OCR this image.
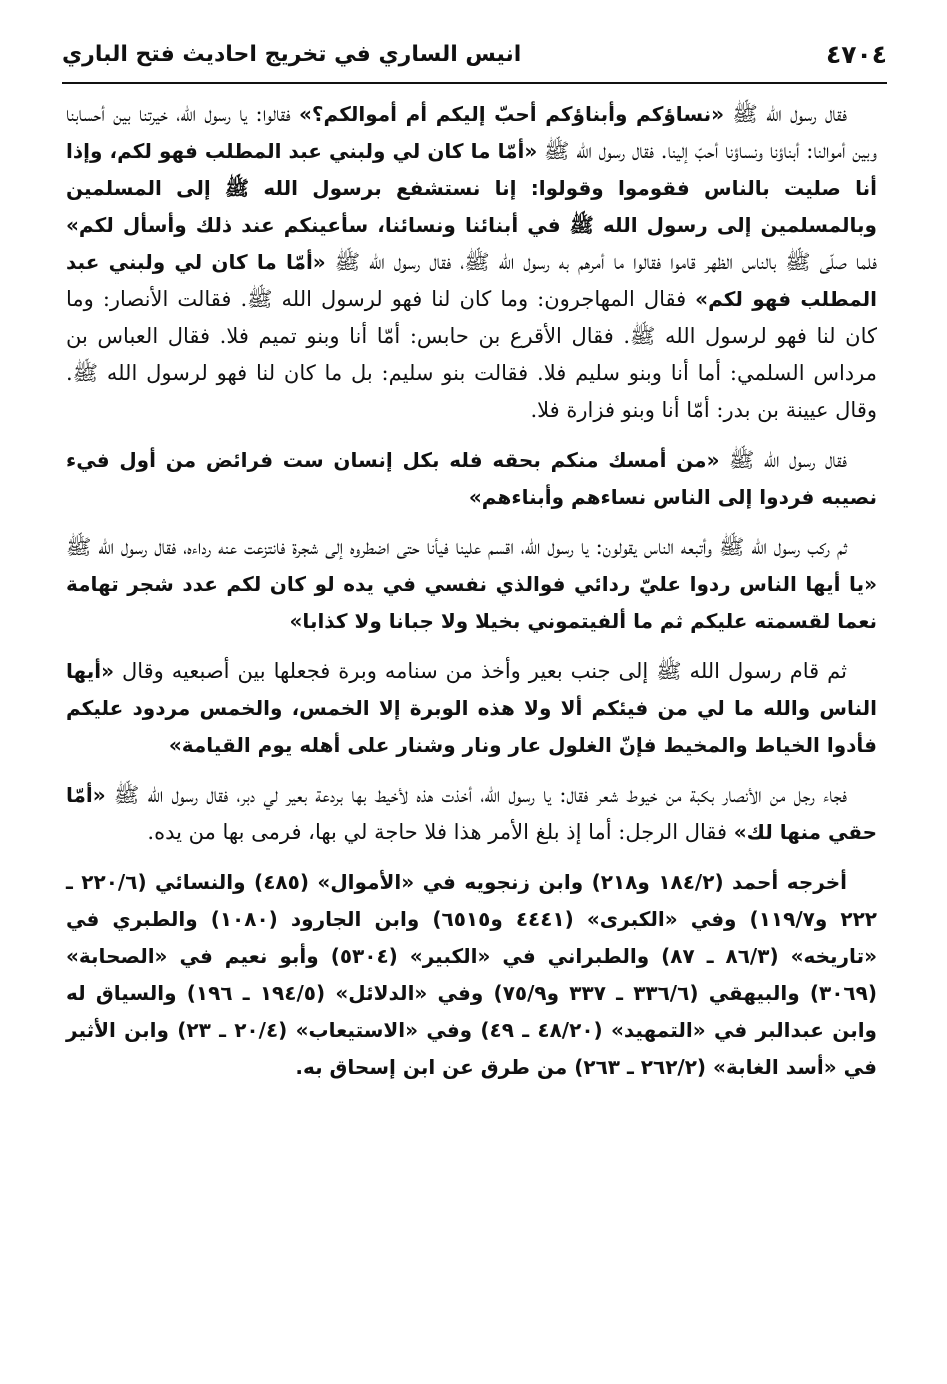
٤٧٠٤
انيس الساري في تخريج احاديث فتح الباري

فقال رسول الله ﷺ «نساؤكم وأبناؤكم أحبّ إليكم أم أموالكم؟» فقالوا: يا رسول الله، خيرتنا بين أحسابنا وبين أموالنا: أبناؤنا ونساؤنا أحبّ إلينا. فقال رسول الله ﷺ «أمّا ما كان لي ولبني عبد المطلب فهو لكم، وإذا أنا صليت بالناس فقوموا وقولوا: إنا نستشفع برسول الله ﷺ إلى المسلمين وبالمسلمين إلى رسول الله ﷺ في أبنائنا ونسائنا، سأعينكم عند ذلك وأسأل لكم» فلما صلّى ﷺ بالناس الظهر قاموا فقالوا ما أمرهم به رسول الله ﷺ، فقال رسول الله ﷺ «أمّا ما كان لي ولبني عبد المطلب فهو لكم» فقال المهاجرون: وما كان لنا فهو لرسول الله ﷺ. فقالت الأنصار: وما كان لنا فهو لرسول الله ﷺ. فقال الأقرع بن حابس: أمّا أنا وبنو تميم فلا. فقال العباس بن مرداس السلمي: أما أنا وبنو سليم فلا. فقالت بنو سليم: بل ما كان لنا فهو لرسول الله ﷺ. وقال عيينة بن بدر: أمّا أنا وبنو فزارة فلا.

فقال رسول الله ﷺ «من أمسك منكم بحقه فله بكل إنسان ست فرائض من أول فيء نصيبه فردوا إلى الناس نساءهم وأبناءهم»

ثم ركب رسول الله ﷺ وأتبعه الناس يقولون: يا رسول الله، اقسم علينا فيأنا حتى اضطروه إلى شجرة فانتزعت عنه رداءه، فقال رسول الله ﷺ «يا أيها الناس ردوا عليّ ردائي فوالذي نفسي في يده لو كان لكم عدد شجر تهامة نعما لقسمته عليكم ثم ما ألفيتموني بخيلا ولا جبانا ولا كذابا»

ثم قام رسول الله ﷺ إلى جنب بعير وأخذ من سنامه وبرة فجعلها بين أصبعيه وقال «أيها الناس والله ما لي من فيئكم ألا ولا هذه الوبرة إلا الخمس، والخمس مردود عليكم فأدوا الخياط والمخيط فإنّ الغلول عار ونار وشنار على أهله يوم القيامة»

فجاء رجل من الأنصار بكبة من خيوط شعر فقال: يا رسول الله، أخذت هذه لأخيط بها بردعة بعير لي دبر، فقال رسول الله ﷺ «أمّا حقي منها لك» فقال الرجل: أما إذ بلغ الأمر هذا فلا حاجة لي بها، فرمى بها من يده.

أخرجه أحمد (١٨٤/٢ و٢١٨) وابن زنجويه في «الأموال» (٤٨٥) والنسائي (٢٢٠/٦ ـ ٢٢٢ و١١٩/٧) وفي «الكبرى» (٤٤٤١ و٦٥١٥) وابن الجارود (١٠٨٠) والطبري في «تاريخه» (٨٦/٣ ـ ٨٧) والطبراني في «الكبير» (٥٣٠٤) وأبو نعيم في «الصحابة» (٣٠٦٩) والبيهقي (٣٣٦/٦ ـ ٣٣٧ و٧٥/٩) وفي «الدلائل» (١٩٤/٥ ـ ١٩٦) والسياق له وابن عبدالبر في «التمهيد» (٤٨/٢٠ ـ ٤٩) وفي «الاستيعاب» (٢٠/٤ ـ ٢٣) وابن الأثير في «أسد الغابة» (٢٦٢/٢ ـ ٢٦٣) من طرق عن ابن إسحاق به.
